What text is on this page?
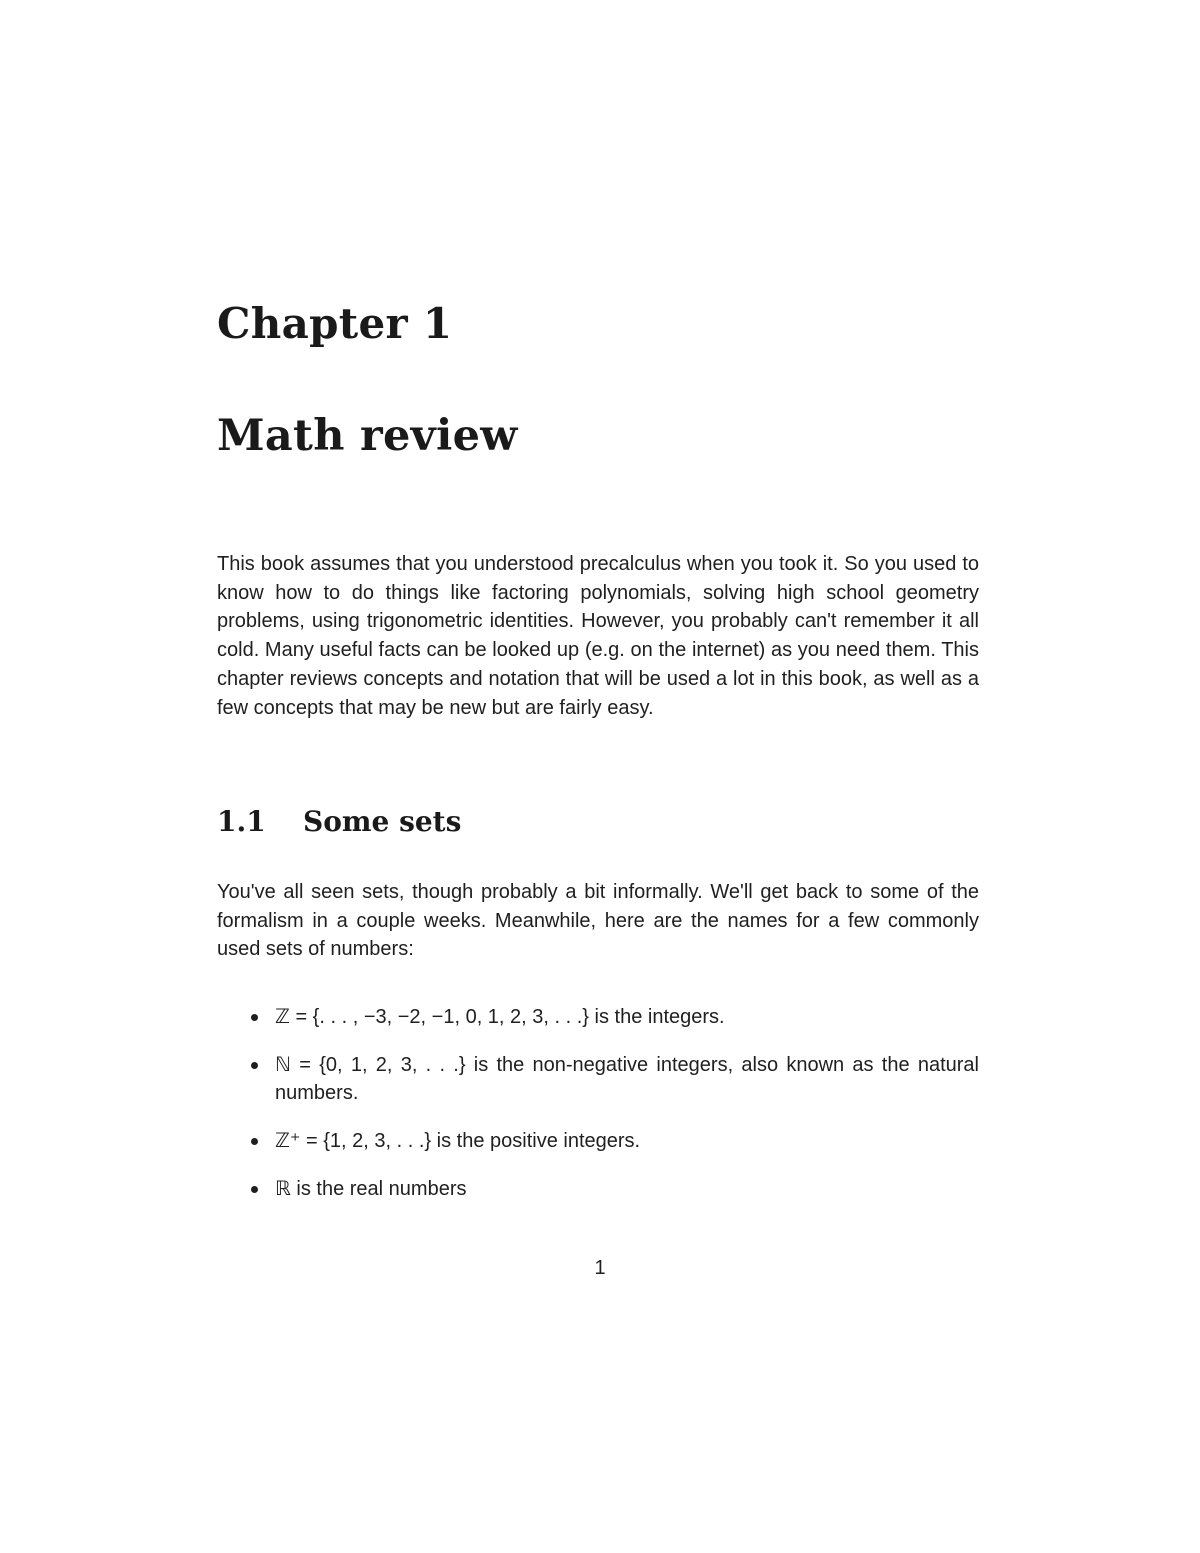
Chapter 1
Math review

This book assumes that you understood precalculus when you took it. So you used to know how to do things like factoring polynomials, solving high school geometry problems, using trigonometric identities. However, you probably can't remember it all cold. Many useful facts can be looked up (e.g. on the internet) as you need them. This chapter reviews concepts and notation that will be used a lot in this book, as well as a few concepts that may be new but are fairly easy.

1.1	Some sets

You've all seen sets, though probably a bit informally. We'll get back to some of the formalism in a couple weeks. Meanwhile, here are the names for a few commonly used sets of numbers:

ℤ = {. . . , −3, −2, −1, 0, 1, 2, 3, . . .} is the integers.
ℕ = {0, 1, 2, 3, . . .} is the non-negative integers, also known as the natural numbers.
ℤ⁺ = {1, 2, 3, . . .} is the positive integers.
ℝ is the real numbers
1
